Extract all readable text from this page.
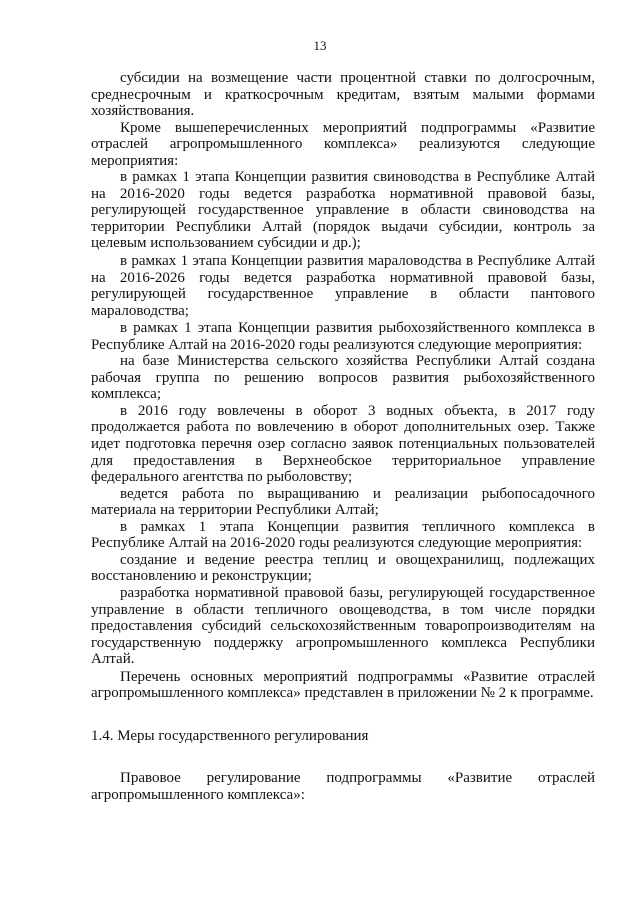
13

субсидии на возмещение части процентной ставки по долгосрочным, среднесрочным и краткосрочным кредитам, взятым малыми формами хозяйствования.

Кроме вышеперечисленных мероприятий подпрограммы «Развитие отраслей агропромышленного комплекса» реализуются следующие мероприятия:

в рамках 1 этапа Концепции развития свиноводства в Республике Алтай на 2016-2020 годы ведется разработка нормативной правовой базы, регулирующей государственное управление в области свиноводства на территории Республики Алтай (порядок выдачи субсидии, контроль за целевым использованием субсидии и др.);

в рамках 1 этапа Концепции развития мараловодства в Республике Алтай на 2016-2026 годы ведется разработка нормативной правовой базы, регулирующей государственное управление в области пантового мараловодства;

в рамках 1 этапа Концепции развития рыбохозяйственного комплекса в Республике Алтай на 2016-2020 годы реализуются следующие мероприятия:

на базе Министерства сельского хозяйства Республики Алтай создана рабочая группа по решению вопросов развития рыбохозяйственного комплекса;

в 2016 году вовлечены в оборот 3 водных объекта, в 2017 году продолжается работа по вовлечению в оборот дополнительных озер. Также идет подготовка перечня озер согласно заявок потенциальных пользователей для предоставления в Верхнеобское территориальное управление федерального агентства по рыболовству;

ведется работа по выращиванию и реализации рыбопосадочного материала на территории Республики Алтай;

в рамках 1 этапа Концепции развития тепличного комплекса в Республике Алтай на 2016-2020 годы реализуются следующие мероприятия:

создание и ведение реестра теплиц и овощехранилищ, подлежащих восстановлению и реконструкции;

разработка нормативной правовой базы, регулирующей государственное управление в области тепличного овощеводства, в том числе порядки предоставления субсидий сельскохозяйственным товаропроизводителям на государственную поддержку агропромышленного комплекса Республики Алтай.

Перечень основных мероприятий подпрограммы «Развитие отраслей агропромышленного комплекса» представлен в приложении № 2 к программе.

1.4. Меры государственного регулирования

Правовое регулирование подпрограммы «Развитие отраслей агропромышленного комплекса»:
